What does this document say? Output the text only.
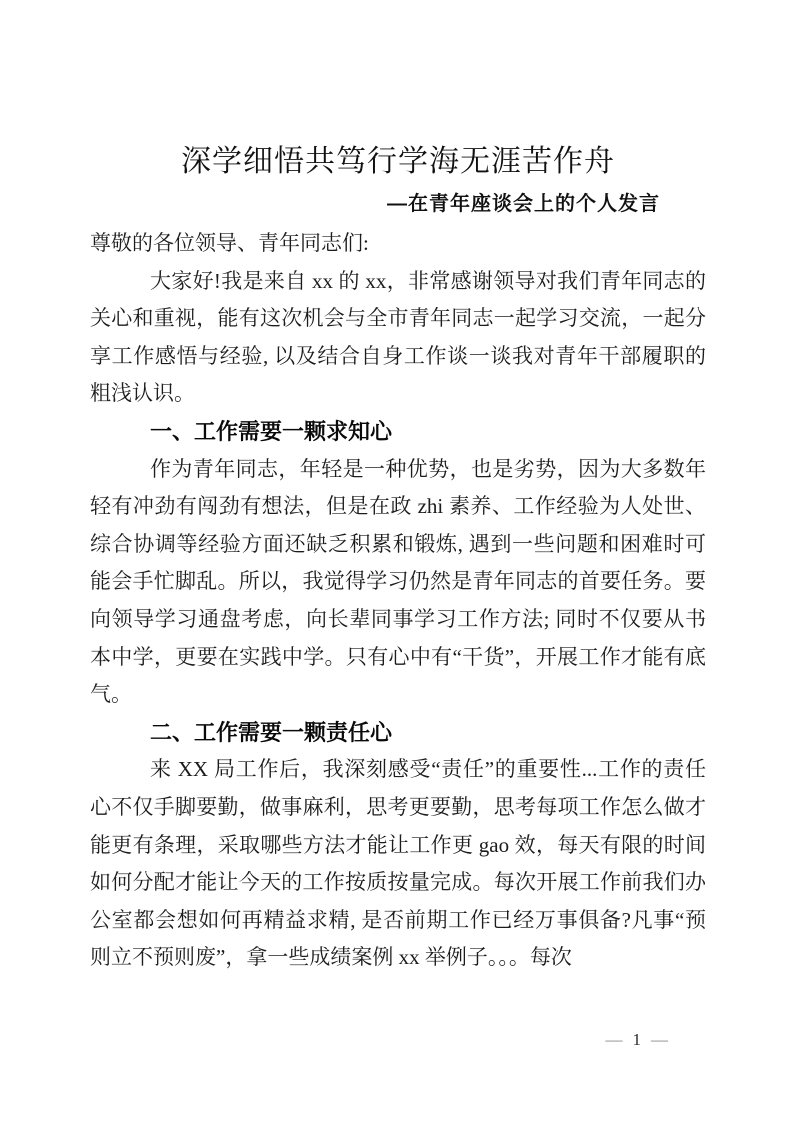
深学细悟共笃行学海无涯苦作舟
—在青年座谈会上的个人发言

尊敬的各位领导、青年同志们:

大家好!我是来自 xx 的 xx，非常感谢领导对我们青年同志的关心和重视，能有这次机会与全市青年同志一起学习交流，一起分享工作感悟与经验, 以及结合自身工作谈一谈我对青年干部履职的粗浅认识。

一、工作需要一颗求知心

作为青年同志，年轻是一种优势，也是劣势，因为大多数年轻有冲劲有闯劲有想法，但是在政 zhi 素养、工作经验为人处世、综合协调等经验方面还缺乏积累和锻炼, 遇到一些问题和困难时可能会手忙脚乱。所以，我觉得学习仍然是青年同志的首要任务。要向领导学习通盘考虑，向长辈同事学习工作方法; 同时不仅要从书本中学，更要在实践中学。只有心中有“干货”，开展工作才能有底气。

二、工作需要一颗责任心

来 XX 局工作后，我深刻感受“责任”的重要性...工作的责任心不仅手脚要勤，做事麻利，思考更要勤，思考每项工作怎么做才能更有条理，采取哪些方法才能让工作更 gao 效，每天有限的时间如何分配才能让今天的工作按质按量完成。每次开展工作前我们办公室都会想如何再精益求精, 是否前期工作已经万事俱备?凡事“预则立不预则废”，拿一些成绩案例 xx 举例子。。。每次

— 1 —
